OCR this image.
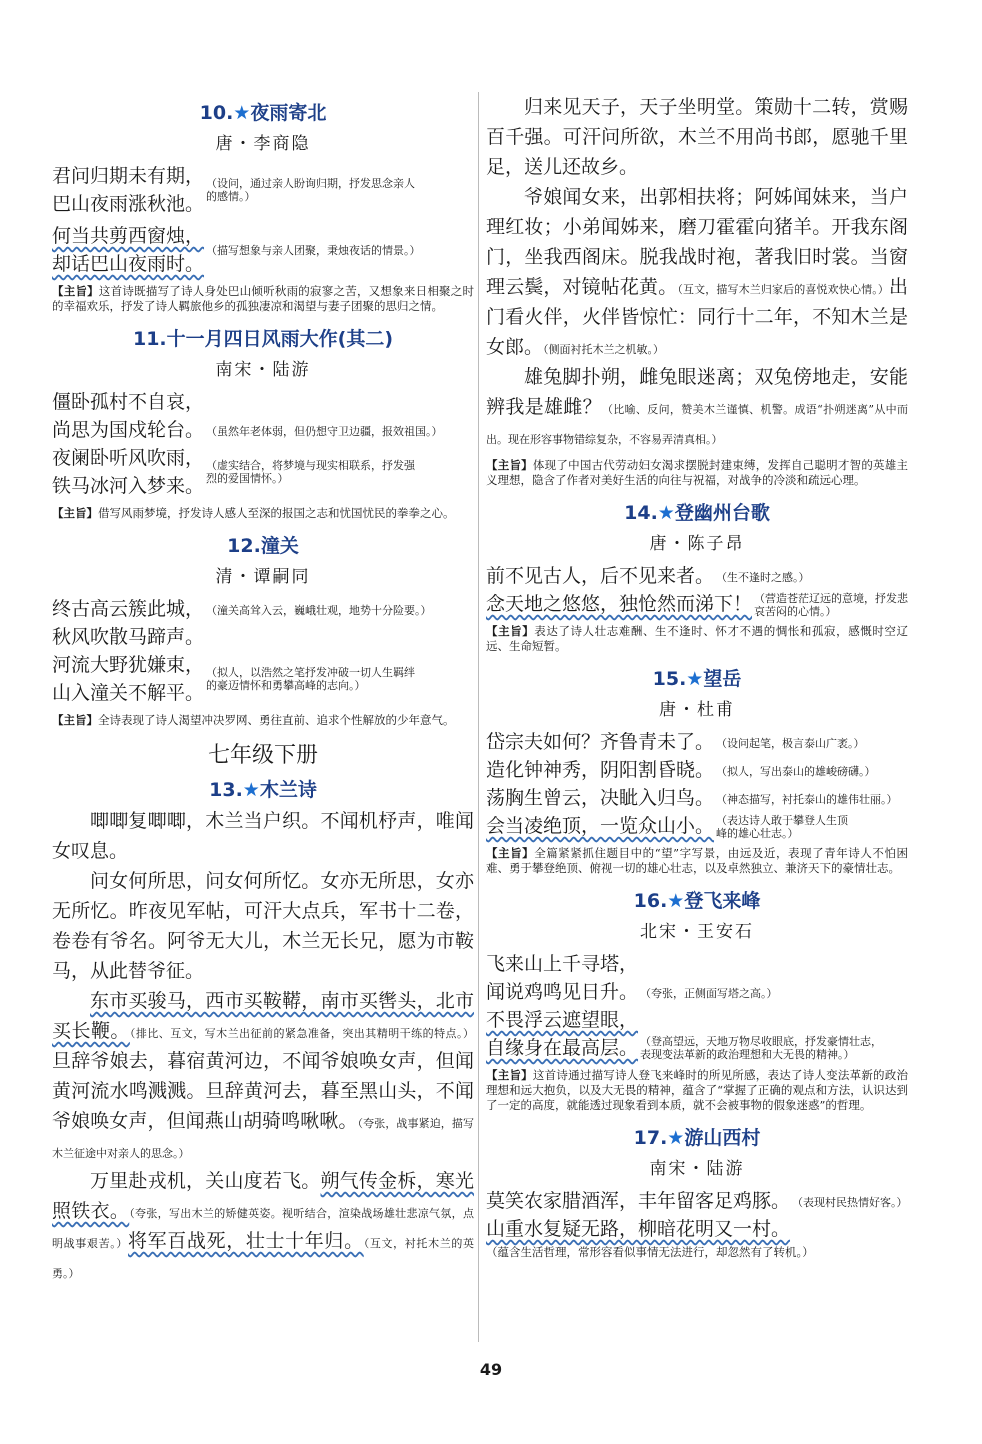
10.★夜雨寄北
唐・李商隐
君问归期未有期，
巴山夜雨涨秋池。
（设问，通过亲人盼询归期，抒发思念亲人的感情。）
何当共剪西窗烛，
却话巴山夜雨时。
（描写想象与亲人团聚，秉烛夜话的情景。）
【主旨】这首诗既描写了诗人身处巴山倾听秋雨的寂寥之苦，又想象来日相聚之时的幸福欢乐，抒发了诗人羁旅他乡的孤独凄凉和渴望与妻子团聚的思归之情。
11.十一月四日风雨大作(其二)
南宋・陆游
僵卧孤村不自哀，
尚思为国戍轮台。 （虽然年老体弱，但仍想守卫边疆，报效祖国。）
夜阑卧听风吹雨，
铁马冰河入梦来。
（虚实结合，将梦境与现实相联系，抒发强烈的爱国情怀。）
【主旨】借写风雨梦境，抒发诗人感人至深的报国之志和忧国忧民的拳拳之心。
12.潼关
清・谭嗣同
终古高云簇此城， （潼关高耸入云，巍峨壮观，地势十分险要。）
秋风吹散马蹄声。
河流大野犹嫌束，
山入潼关不解平。
（拟人，以浩然之笔抒发冲破一切人生羁绊的豪迈情怀和勇攀高峰的志向。）
【主旨】全诗表现了诗人渴望冲决罗网、勇往直前、追求个性解放的少年意气。
七年级下册
13.★木兰诗

唧唧复唧唧，木兰当户织。不闻机杼声，唯闻女叹息。

问女何所思，问女何所忆。女亦无所思，女亦无所忆。昨夜见军帖，可汗大点兵，军书十二卷，卷卷有爷名。阿爷无大儿，木兰无长兄，愿为市鞍马，从此替爷征。

东市买骏马，西市买鞍鞯，南市买辔头，北市买长鞭。（排比、互文，写木兰出征前的紧急准备，突出其精明干练的特点。）旦辞爷娘去，暮宿黄河边，不闻爷娘唤女声，但闻黄河流水鸣溅溅。旦辞黄河去，暮至黑山头，不闻爷娘唤女声，但闻燕山胡骑鸣啾啾。（夸张，战事紧迫，描写木兰征途中对亲人的思念。）

万里赴戎机，关山度若飞。朔气传金柝，寒光照铁衣。（夸张，写出木兰的矫健英姿。视听结合，渲染战场雄壮悲凉气氛，点明战事艰苦。）将军百战死，壮士十年归。（互文，衬托木兰的英勇。）

归来见天子，天子坐明堂。策勋十二转，赏赐百千强。可汗问所欲，木兰不用尚书郎，愿驰千里足，送儿还故乡。

爷娘闻女来，出郭相扶将；阿姊闻妹来，当户理红妆；小弟闻姊来，磨刀霍霍向猪羊。开我东阁门，坐我西阁床。脱我战时袍，著我旧时裳。当窗理云鬓，对镜帖花黄。（互文，描写木兰归家后的喜悦欢快心情。）出门看火伴，火伴皆惊忙：同行十二年，不知木兰是女郎。（侧面衬托木兰之机敏。）

雄兔脚扑朔，雌兔眼迷离；双兔傍地走，安能辨我是雄雌？（比喻、反问，赞美木兰谨慎、机警。成语“扑朔迷离”从中而出。现在形容事物错综复杂，不容易弄清真相。）

【主旨】体现了中国古代劳动妇女渴求摆脱封建束缚，发挥自己聪明才智的英雄主义理想，隐含了作者对美好生活的向往与祝福，对战争的冷淡和疏远心理。
14.★登幽州台歌
唐・陈子昂
前不见古人，后不见来者。 （生不逢时之感。）
念天地之悠悠，独怆然而涕下！ （营造苍茫辽远的意境，抒发悲哀苦闷的心情。）
【主旨】表达了诗人壮志难酬、生不逢时、怀才不遇的惆怅和孤寂，感慨时空辽远、生命短暂。
15.★望岳
唐・杜甫
岱宗夫如何？齐鲁青未了。 （设问起笔，极言泰山广袤。）
造化钟神秀，阴阳割昏晓。 （拟人，写出泰山的雄峻磅礴。）
荡胸生曾云，决眦入归鸟。 （神态描写，衬托泰山的雄伟壮丽。）
会当凌绝顶，一览众山小。 （表达诗人敢于攀登人生顶峰的雄心壮志。）
【主旨】全篇紧紧抓住题目中的“望”字写景，由远及近，表现了青年诗人不怕困难、勇于攀登绝顶、俯视一切的雄心壮志，以及卓然独立、兼济天下的豪情壮志。
16.★登飞来峰
北宋・王安石
飞来山上千寻塔，
闻说鸡鸣见日升。 （夸张，正侧面写塔之高。）
不畏浮云遮望眼，
自缘身在最高层。 （登高望远，天地万物尽收眼底，抒发豪情壮志，表现变法革新的政治理想和大无畏的精神。）
【主旨】这首诗通过描写诗人登飞来峰时的所见所感，表达了诗人变法革新的政治理想和远大抱负，以及大无畏的精神，蕴含了“掌握了正确的观点和方法，认识达到了一定的高度，就能透过现象看到本质，就不会被事物的假象迷惑”的哲理。
17.★游山西村
南宋・陆游
莫笑农家腊酒浑，丰年留客足鸡豚。 （表现村民热情好客。）
山重水复疑无路，柳暗花明又一村。
（蕴含生活哲理，常形容看似事情无法进行，却忽然有了转机。）
49
